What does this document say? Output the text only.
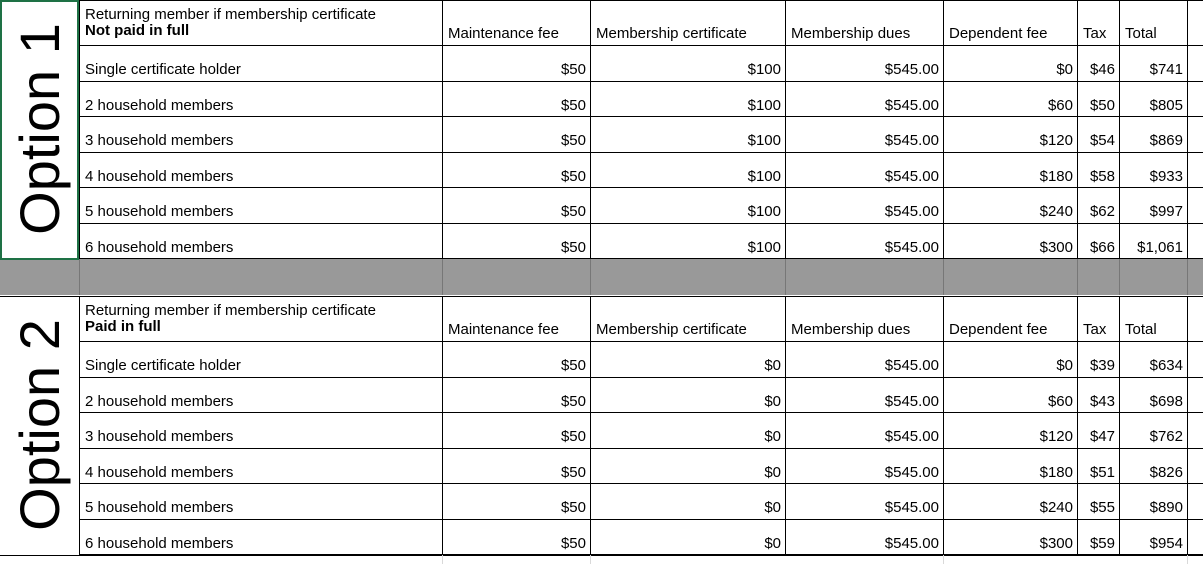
Returning member if membership certificate
Not paid in full	Maintenance fee	Membership certificate	Membership dues	Dependent fee	Tax	Total
Single certificate holder	$50	$100	$545.00	$0	$46	$741
2 household members	$50	$100	$545.00	$60	$50	$805
3 household members	$50	$100	$545.00	$120	$54	$869
4 household members	$50	$100	$545.00	$180	$58	$933
5 household members	$50	$100	$545.00	$240	$62	$997
6 household members	$50	$100	$545.00	$300	$66	$1,061
Option 1
Returning member if membership certificate
Paid in full	Maintenance fee	Membership certificate	Membership dues	Dependent fee	Tax	Total
Single certificate holder	$50	$0	$545.00	$0	$39	$634
2 household members	$50	$0	$545.00	$60	$43	$698
3 household members	$50	$0	$545.00	$120	$47	$762
4 household members	$50	$0	$545.00	$180	$51	$826
5 household members	$50	$0	$545.00	$240	$55	$890
6 household members	$50	$0	$545.00	$300	$59	$954
Option 2
